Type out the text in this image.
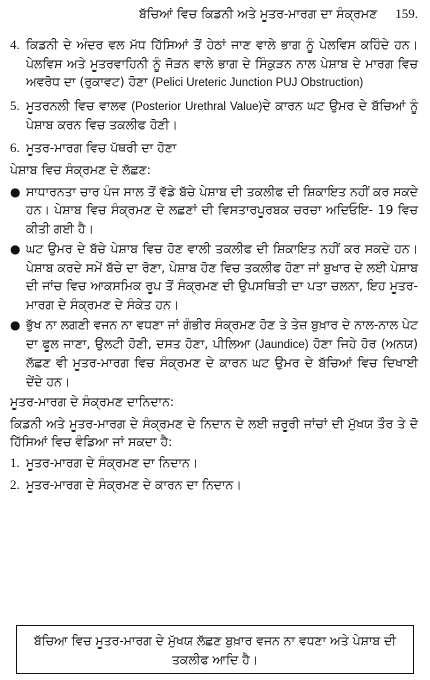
ਬੱਚਿਆਂ ਵਿਚ ਕਿਡਨੀ ਅਤੇ ਮੂਤਰ-ਮਾਰਗ ਦਾ ਸੰਕ੍ਰਮਣ 159.
4. ਕਿਡਨੀ ਦੇ ਅੰਦਰ ਵਲ ਮੱਧ ਹਿੱਸਿਆਂ ਤੋਂ ਹੇਠਾਂ ਜਾਣ ਵਾਲੇ ਭਾਗ ਨੂੰ ਪੇਲਵਿਸ ਕਹਿੰਦੇ ਹਨ। ਪੇਲਵਿਸ ਅਤੇ ਮੂਤਰਵਾਹਿਨੀ ਨੂੰ ਜੋੜਨ ਵਾਲੇ ਭਾਗ ਦੇ ਸਿੰਕੁੜਨ ਨਾਲ ਪੇਸ਼ਾਬ ਦੇ ਮਾਰਗ ਵਿਚ ਅਵਰੋਧ ਦਾ (ਰੁਕਾਵਟ) ਹੋਣਾ (Pelici Ureteric Junction PUJ Obstruction)
5. ਮੂਤਰਨਲੀ ਵਿਚ ਵਾਲਵ (Posterior Urethral Value)ਦੇ ਕਾਰਨ ਘਟ ਉਮਰ ਦੇ ਬੱਚਿਆਂ ਨੂੰ ਪੇਸ਼ਾਬ ਕਰਨ ਵਿਚ ਤਕਲੀਫ ਹੋਣੀ।
6. ਮੂਤਰ-ਮਾਰਗ ਵਿਚ ਪੱਥਰੀ ਦਾ ਹੋਣਾ
ਪੇਸ਼ਾਬ ਵਿਚ ਸੰਕ੍ਰਮਣ ਦੇ ਲੱਛਣ:
● ਸਾਧਾਰਨਤਾ ਚਾਰ ਪੰਜ ਸਾਲ ਤੋਂ ਵੱਡੇ ਬੱਚੇ ਪੇਸ਼ਾਬ ਦੀ ਤਕਲੀਫ ਦੀ ਸ਼ਿਕਾਇਤ ਨਹੀਂ ਕਰ ਸਕਦੇ ਹਨ। ਪੇਸ਼ਾਬ ਵਿਚ ਸੰਕ੍ਰਮਣ ਦੇ ਲਛਣਾਂ ਦੀ ਵਿਸਤਾਰਪੂਰਬਕ ਚਰਚਾ ਅਦਿਓਇ- 19 ਵਿਚ ਕੀਤੀ ਗਈ ਹੈ।
● ਘਟ ਉਮਰ ਦੇ ਬੱਚੇ ਪੇਸ਼ਾਬ ਵਿਚ ਹੋਣ ਵਾਲੀ ਤਕਲੀਫ ਦੀ ਸ਼ਿਕਾਇਤ ਨਹੀਂ ਕਰ ਸਕਦੇ ਹਨ। ਪੇਸ਼ਾਬ ਕਰਦੇ ਸਮੇਂ ਬੱਚੇ ਦਾ ਰੋਣਾ, ਪੇਸ਼ਾਬ ਹੋਣ ਵਿਚ ਤਕਲੀਫ ਹੋਣਾ ਜਾਂ ਬੁਖਾਰ ਦੇ ਲਈ ਪੇਸ਼ਾਬ ਦੀ ਜਾਂਚ ਵਿਚ ਆਕਸਮਿਕ ਰੂਪ ਤੋਂ ਸੰਕ੍ਰਮਣ ਦੀ ਉਪਸਥਿਤੀ ਦਾ ਪਤਾ ਚਲਨਾ, ਇਹ ਮੂਤਰ-ਮਾਰਗ ਦੇ ਸੰਕ੍ਰਮਣ ਦੇ ਸੰਕੇਤ ਹਨ।
● ਭੁੱਖ ਨਾ ਲਗਣੀ ਵਜਨ ਨਾ ਵਧਣਾ ਜਾਂ ਗੰਭੀਰ ਸੰਕ੍ਰਮਣ ਹੋਣ ਤੇ ਤੇਜ਼ ਬੁਖ਼ਾਰ ਦੇ ਨਾਲ-ਨਾਲ ਪੇਟ ਦਾ ਫੂਲ ਜਾਣਾ, ਉਲਟੀ ਹੋਣੀ, ਦਸਤ ਹੋਣਾ, ਪੀਲਿਆ (Jaundice) ਹੋਣਾ ਜਿਹੇ ਹੋਰ (ਅਨਯ) ਲੱਛਣ ਵੀ ਮੂਤਰ-ਮਾਰਗ ਵਿਚ ਸੰਕ੍ਰਮਣ ਦੇ ਕਾਰਨ ਘਟ ਉਮਰ ਦੇ ਬੱਚਿਆਂ ਵਿਚ ਦਿਖਾਈ ਦੇਂਦੇ ਹਨ।
ਮੂਤਰ-ਮਾਰਗ ਦੇ ਸੰਕ੍ਰਮਣ ਦਾਨਿਦਾਨ:

ਕਿਡਨੀ ਅਤੇ ਮੂਤਰ-ਮਾਰਗ ਦੇ ਸੰਕ੍ਰਮਣ ਦੇ ਨਿਦਾਨ ਦੇ ਲਈ ਜ਼ਰੂਰੀ ਜਾਂਚਾਂ ਦੀ ਮੁੱਖਯ ਤੌਰ ਤੇ ਦੋ ਹਿੱਸਿਆਂ ਵਿਚ ਵੰਡਿਆ ਜਾਂ ਸਕਦਾ ਹੈ:

1. ਮੂਤਰ-ਮਾਰਗ ਦੇ ਸੰਕ੍ਰਮਣ ਦਾ ਨਿਦਾਨ।
2. ਮੂਤਰ-ਮਾਰਗ ਦੇ ਸੰਕ੍ਰਮਣ ਦੇ ਕਾਰਨ ਦਾ ਨਿਦਾਨ।
ਬੱਚਿਆ ਵਿਚ ਮੂਤਰ-ਮਾਰਗ ਦੇ ਮੁੱਖਯ ਲੱਛਣ ਬੁਖ਼ਾਰ ਵਜਨ ਨਾ ਵਧਣਾ ਅਤੇ ਪੇਸ਼ਾਬ ਦੀ ਤਕਲੀਫ ਆਦਿ ਹੈ।
